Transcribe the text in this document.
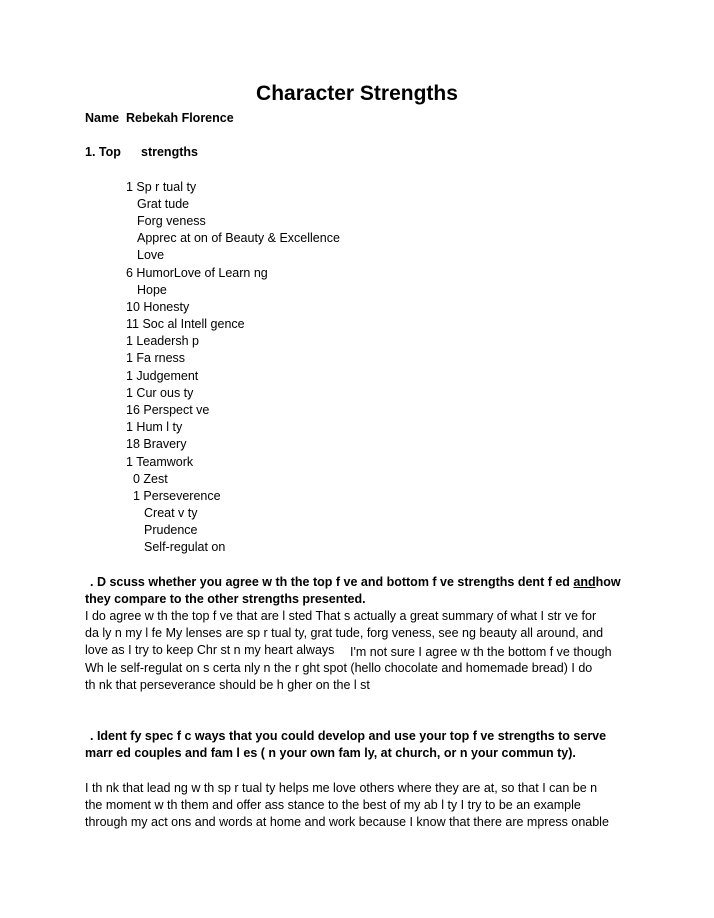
Character Strengths
Name Rebekah Florence
1. Top strengths
1 Sp r tual ty
Grat tude
Forg veness
Apprec at on of Beauty & Excellence
Love
6 HumorLove of Learn ng
Hope
10 Honesty
11 Soc al Intell gence
1 Leadersh p
1 Fa rness
1 Judgement
1 Cur ous ty
16 Perspect ve
1 Hum l ty
18 Bravery
1 Teamwork
0 Zest
1 Perseverence
Creat v ty
Prudence
Self-regulat on
. D scuss whether you agree w th the top f ve and bottom f ve strengths dent f ed andhow
they compare to the other strengths presented.
I do agree w th the top f ve that are l sted That s actually a great summary of what I str ve for
da ly n my l fe My lenses are sp r tual ty, grat tude, forg veness, see ng beauty all around, and
love as I try to keep Chr st n my heart always I'm not sure I agree w th the bottom f ve though
Wh le self-regulat on s certa nly n the r ght spot (hello chocolate and homemade bread) I do
th nk that perseverance should be h gher on the l st
. Ident fy spec f c ways that you could develop and use your top f ve strengths to serve
marr ed couples and fam l es ( n your own fam ly, at church, or n your commun ty).
I th nk that lead ng w th sp r tual ty helps me love others where they are at, so that I can be n
the moment w th them and offer ass stance to the best of my ab l ty I try to be an example
through my act ons and words at home and work because I know that there are mpress onable
